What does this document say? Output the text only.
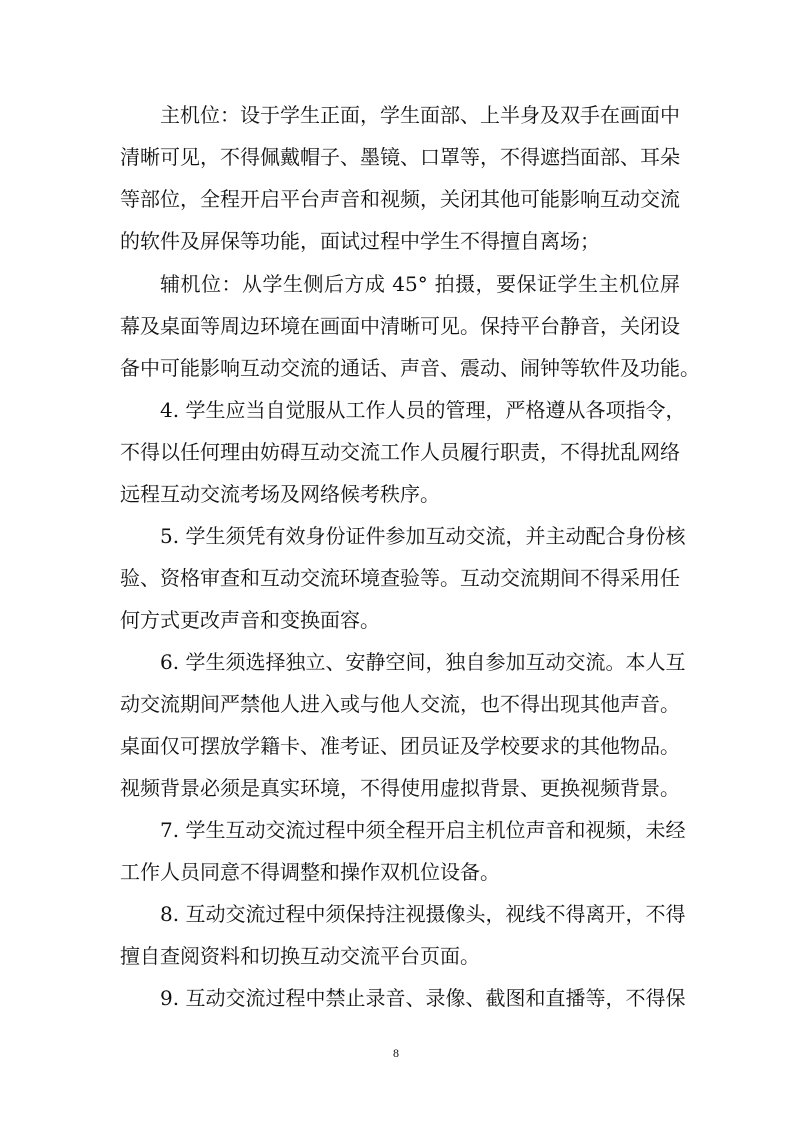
主机位：设于学生正面，学生面部、上半身及双手在画面中
清晰可见，不得佩戴帽子、墨镜、口罩等，不得遮挡面部、耳朵
等部位，全程开启平台声音和视频，关闭其他可能影响互动交流
的软件及屏保等功能，面试过程中学生不得擅自离场；
辅机位：从学生侧后方成 45° 拍摄，要保证学生主机位屏
幕及桌面等周边环境在画面中清晰可见。保持平台静音，关闭设
备中可能影响互动交流的通话、声音、震动、闹钟等软件及功能。
4. 学生应当自觉服从工作人员的管理，严格遵从各项指令，
不得以任何理由妨碍互动交流工作人员履行职责，不得扰乱网络
远程互动交流考场及网络候考秩序。
5. 学生须凭有效身份证件参加互动交流，并主动配合身份核
验、资格审查和互动交流环境查验等。互动交流期间不得采用任
何方式更改声音和变换面容。
6. 学生须选择独立、安静空间，独自参加互动交流。本人互
动交流期间严禁他人进入或与他人交流，也不得出现其他声音。
桌面仅可摆放学籍卡、准考证、团员证及学校要求的其他物品。
视频背景必须是真实环境，不得使用虚拟背景、更换视频背景。
7. 学生互动交流过程中须全程开启主机位声音和视频，未经
工作人员同意不得调整和操作双机位设备。
8. 互动交流过程中须保持注视摄像头，视线不得离开，不得
擅自查阅资料和切换互动交流平台页面。
9. 互动交流过程中禁止录音、录像、截图和直播等，不得保
8
